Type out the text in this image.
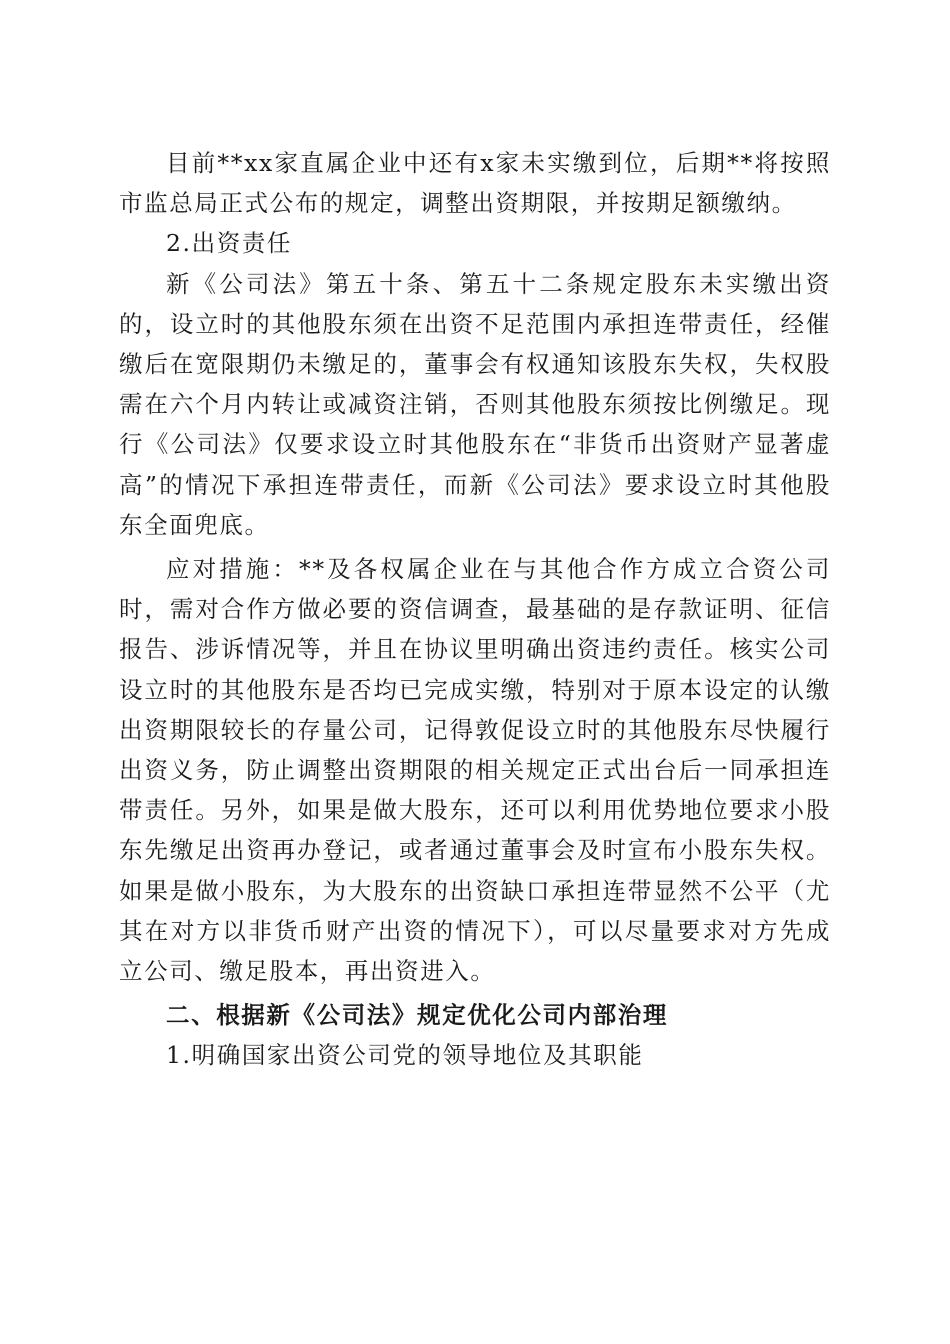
目前**xx家直属企业中还有x家未实缴到位，后期**将按照市监总局正式公布的规定，调整出资期限，并按期足额缴纳。

2.出资责任

新《公司法》第五十条、第五十二条规定股东未实缴出资的，设立时的其他股东须在出资不足范围内承担连带责任，经催缴后在宽限期仍未缴足的，董事会有权通知该股东失权，失权股需在六个月内转让或减资注销，否则其他股东须按比例缴足。现行《公司法》仅要求设立时其他股东在“非货币出资财产显著虚高”的情况下承担连带责任，而新《公司法》要求设立时其他股东全面兜底。

应对措施：**及各权属企业在与其他合作方成立合资公司时，需对合作方做必要的资信调查，最基础的是存款证明、征信报告、涉诉情况等，并且在协议里明确出资违约责任。核实公司设立时的其他股东是否均已完成实缴，特别对于原本设定的认缴出资期限较长的存量公司，记得敦促设立时的其他股东尽快履行出资义务，防止调整出资期限的相关规定正式出台后一同承担连带责任。另外，如果是做大股东，还可以利用优势地位要求小股东先缴足出资再办登记，或者通过董事会及时宣布小股东失权。如果是做小股东，为大股东的出资缺口承担连带显然不公平（尤其在对方以非货币财产出资的情况下），可以尽量要求对方先成立公司、缴足股本，再出资进入。

二、根据新《公司法》规定优化公司内部治理

1.明确国家出资公司党的领导地位及其职能
